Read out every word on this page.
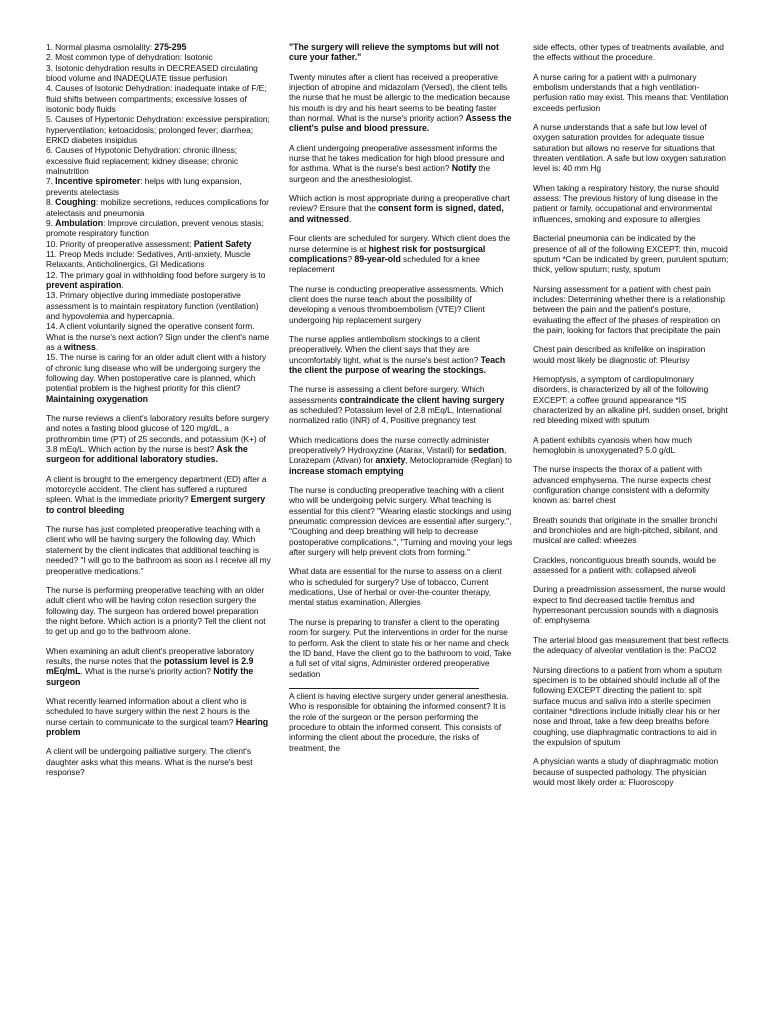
1. Normal plasma osmolality: 275-295
2. Most common type of dehydration: Isotonic
3. Isotonic dehydration results in DECREASED circulating blood volume and INADEQUATE tissue perfusion
4. Causes of Isotonic Dehydration: inadequate intake of F/E; fluid shifts between compartments; excessive losses of isotonic body fluids
5. Causes of Hypertonic Dehydration: excessive perspiration; hyperventilation; ketoacidosis; prolonged fever; diarrhea; ERKD diabetes insipidus
6. Causes of Hypotonic Dehydration: chronic illness; excessive fluid replacement; kidney disease; chronic malnutrition
7. Incentive spirometer: helps with lung expansion, prevents atelectasis
8. Coughing: mobilize secretions, reduces complications for atelectasis and pneumonia
9. Ambulation: Improve circulation, prevent venous stasis; promote respiratory function
10. Priority of preoperative assessment: Patient Safety
11. Preop Meds include: Sedatives, Anti-anxiety, Muscle Relaxants, Anticholinergics, GI Medications
12. The primary goal in withholding food before surgery is to prevent aspiration.
13. Primary objective during immediate postoperative assessment is to maintain respiratory function (ventilation) and hypovolemia and hypercapnia.
14. A client voluntarily signed the operative consent form. What is the nurse's next action? Sign under the client's name as a witness.
15. The nurse is caring for an older adult client with a history of chronic lung disease who will be undergoing surgery the following day. When postoperative care is planned, which potential problem is the highest priority for this client? Maintaining oxygenation
The nurse reviews a client's laboratory results before surgery and notes a fasting blood glucose of 120 mg/dL, a prothrombin time (PT) of 25 seconds, and potassium (K+) of 3.8 mEq/L. Which action by the nurse is best? Ask the surgeon for additional laboratory studies.
A client is brought to the emergency department (ED) after a motorcycle accident. The client has suffered a ruptured spleen. What is the immediate priority? Emergent surgery to control bleeding
The nurse has just completed preoperative teaching with a client who will be having surgery the following day. Which statement by the client indicates that additional teaching is needed? "I will go to the bathroom as soon as I receive all my preoperative medications."
The nurse is performing preoperative teaching with an older adult client who will be having colon resection surgery the following day. The surgeon has ordered bowel preparation the night before. Which action is a priority? Tell the client not to get up and go to the bathroom alone.
When examining an adult client's preoperative laboratory results, the nurse notes that the potassium level is 2.9 mEq/mL. What is the nurse's priority action? Notify the surgeon
What recently learned information about a client who is scheduled to have surgery within the next 2 hours is the nurse certain to communicate to the surgical team? Hearing problem
A client will be undergoing palliative surgery. The client's daughter asks what this means. What is the nurse's best response?
"The surgery will relieve the symptoms but will not cure your father."
Twenty minutes after a client has received a preoperative injection of atropine and midazolam (Versed), the client tells the nurse that he must be allergic to the medication because his mouth is dry and his heart seems to be beating faster than normal. What is the nurse's priority action? Assess the client's pulse and blood pressure.
A client undergoing preoperative assessment informs the nurse that he takes medication for high blood pressure and for asthma. What is the nurse's best action? Notify the surgeon and the anesthesiologist.
Which action is most appropriate during a preoperative chart review? Ensure that the consent form is signed, dated, and witnessed.
Four clients are scheduled for surgery. Which client does the nurse determine is at highest risk for postsurgical complications? 89-year-old scheduled for a knee replacement
The nurse is conducting preoperative assessments. Which client does the nurse teach about the possibility of developing a venous thromboembolism (VTE)? Client undergoing hip replacement surgery
The nurse applies antiembolism stockings to a client preoperatively. When the client says that they are uncomfortably tight, what is the nurse's best action? Teach the client the purpose of wearing the stockings.
The nurse is assessing a client before surgery. Which assessments contraindicate the client having surgery as scheduled? Potassium level of 2.8 mEq/L, International normalized ratio (INR) of 4, Positive pregnancy test
Which medications does the nurse correctly administer preoperatively? Hydroxyzine (Atarax, Vistaril) for sedation, Lorazepam (Ativan) for anxiety, Metoclopramide (Reglan) to increase stomach emptying
The nurse is conducting preoperative teaching with a client who will be undergoing pelvic surgery. What teaching is essential for this client? "Wearing elastic stockings and using pneumatic compression devices are essential after surgery.", "Coughing and deep breathing will help to decrease postoperative complications.", "Turning and moving your legs after surgery will help prevent clots from forming."
What data are essential for the nurse to assess on a client who is scheduled for surgery? Use of tobacco, Current medications, Use of herbal or over-the-counter therapy, mental status examination, Allergies
The nurse is preparing to transfer a client to the operating room for surgery. Put the interventions in order for the nurse to perform. Ask the client to state his or her name and check the ID band, Have the client go to the bathroom to void, Take a full set of vital signs, Administer ordered preoperative sedation
A client is having elective surgery under general anesthesia. Who is responsible for obtaining the informed consent? It is the role of the surgeon or the person performing the procedure to obtain the informed consent. This consists of informing the client about the procedure, the risks of treatment, the
side effects, other types of treatments available, and the effects without the procedure.
A nurse caring for a patient with a pulmonary embolism understands that a high ventilation-perfusion ratio may exist. This means that: Ventilation exceeds perfusion
A nurse understands that a safe but low level of oxygen saturation provides for adequate tissue saturation but allows no reserve for situations that threaten ventilation. A safe but low oxygen saturation level is: 40 mm Hg
When taking a respiratory history, the nurse should assess: The previous history of lung disease in the patient or family, occupational and environmental influences, smoking and exposure to allergies
Bacterial pneumonia can be indicated by the presence of all of the following EXCEPT: thin, mucoid sputum *Can be indicated by green, purulent sputum; thick, yellow sputum; rusty, sputum
Nursing assessment for a patient with chest pain includes: Determining whether there is a relationship between the pain and the patient's posture, evaluating the effect of the phases of respiration on the pain, looking for factors that precipitate the pain
Chest pain described as knifelike on inspiration would most likely be diagnostic of: Pleurisy
Hemoptysis, a symptom of cardiopulmonary disorders, is characterized by all of the following EXCEPT: a coffee ground appearance *IS characterized by an alkaline pH, sudden onset, bright red bleeding mixed with sputum
A patient exhibits cyanosis when how much hemoglobin is unoxygenated? 5.0 g/dL
The nurse inspects the thorax of a patient with advanced emphysema. The nurse expects chest configuration change consistent with a deformity known as: barrel chest
Breath sounds that originate in the smaller bronchi and bronchioles and are high-pitched, sibilant, and musical are called: wheezes
Crackles, noncontiguous breath sounds, would be assessed for a patient with: collapsed alveoli
During a preadmission assessment, the nurse would expect to find decreased tactile fremitus and hyperresonant percussion sounds with a diagnosis of: emphysema
The arterial blood gas measurement that best reflects the adequacy of alveolar ventilation is the: PaCO2
Nursing directions to a patient from whom a sputum specimen is to be obtained should include all of the following EXCEPT directing the patient to: spit surface mucus and saliva into a sterile specimen container *directions include initially clear his or her nose and throat, take a few deep breaths before coughing, use diaphragmatic contractions to aid in the expulsion of sputum
A physician wants a study of diaphragmatic motion because of suspected pathology. The physician would most likely order a: Fluoroscopy
